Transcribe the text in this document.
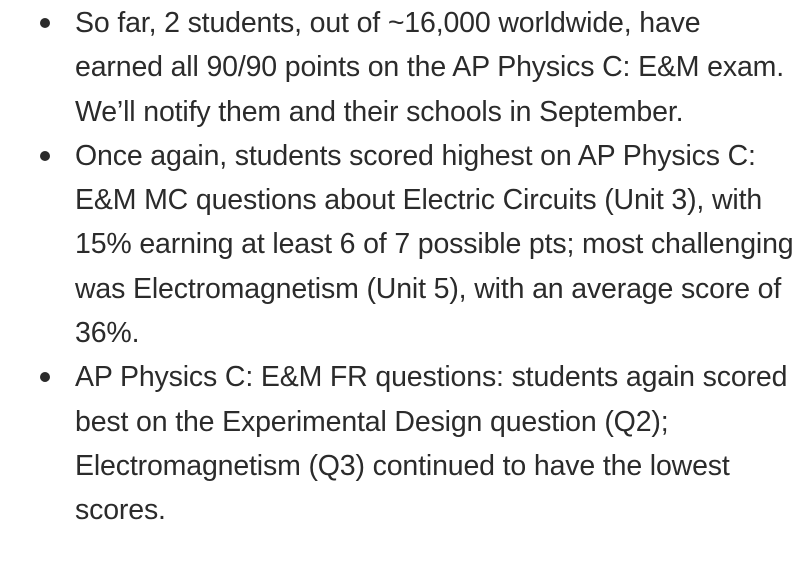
So far, 2 students, out of ~16,000 worldwide, have earned all 90/90 points on the AP Physics C: E&M exam. We’ll notify them and their schools in September.
Once again, students scored highest on AP Physics C: E&M MC questions about Electric Circuits (Unit 3), with 15% earning at least 6 of 7 possible pts; most challenging was Electromagnetism (Unit 5), with an average score of 36%.
AP Physics C: E&M FR questions: students again scored best on the Experimental Design question (Q2); Electromagnetism (Q3) continued to have the lowest scores.
